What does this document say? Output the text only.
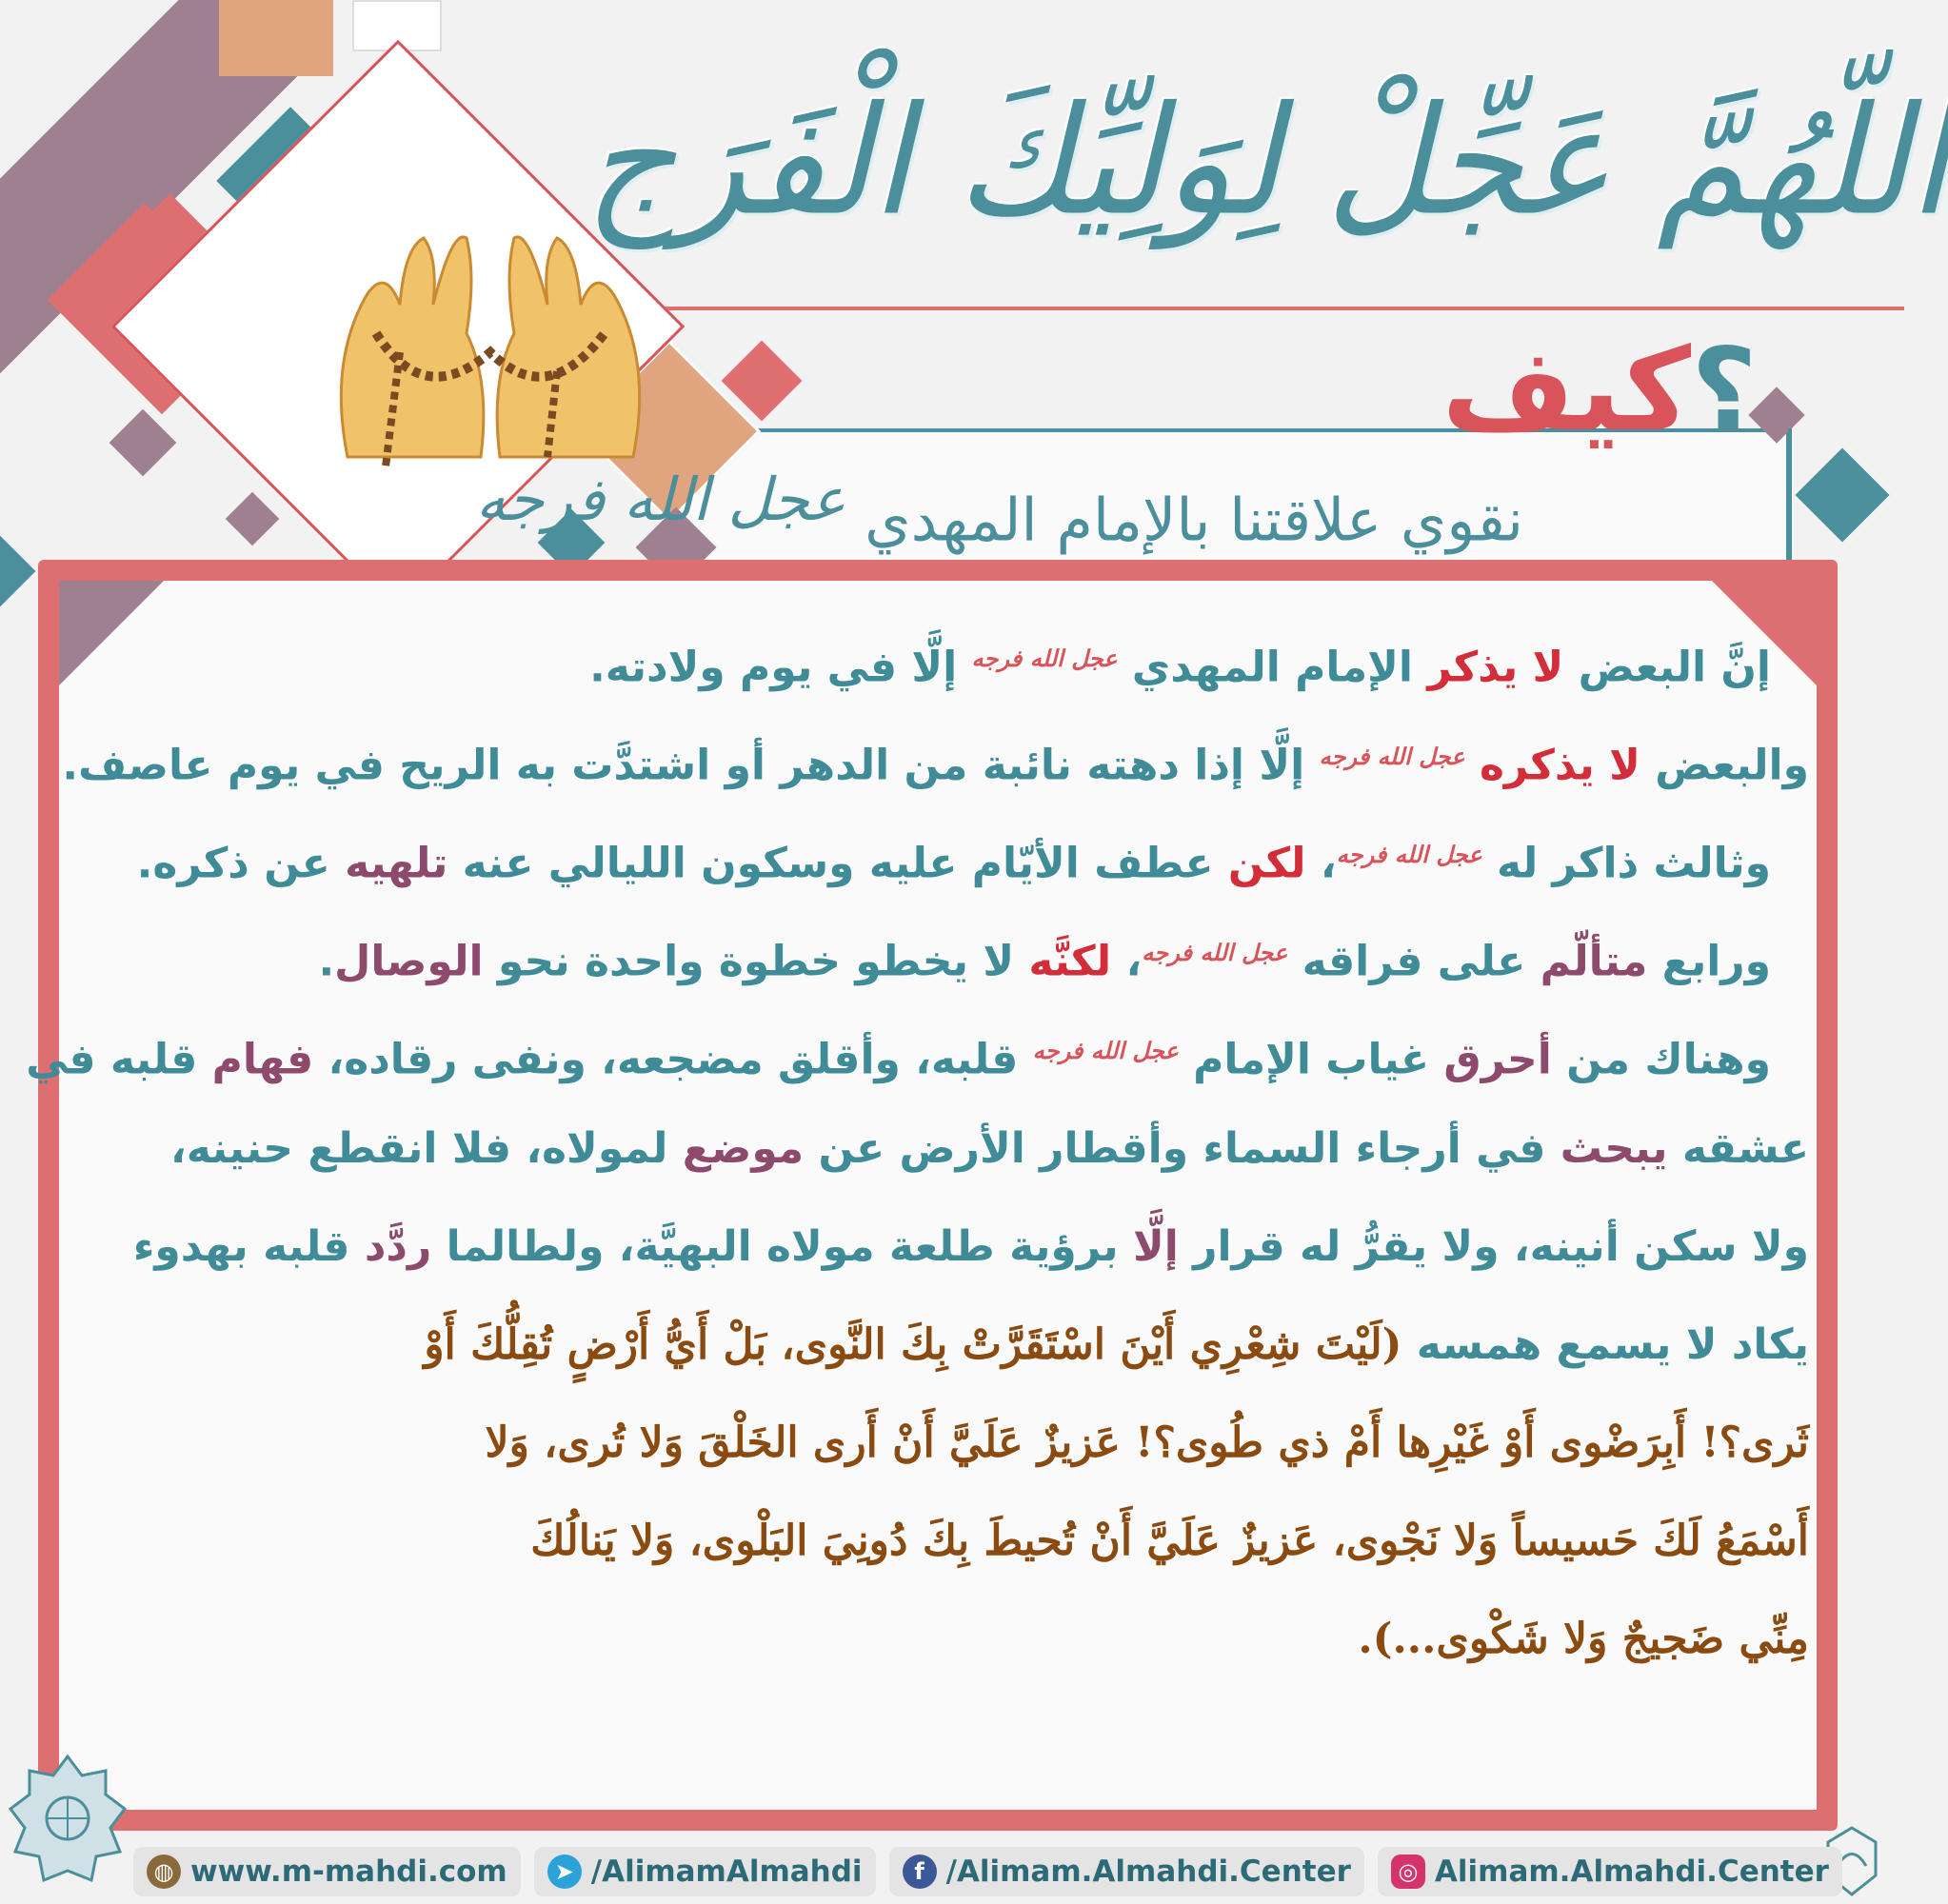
اللّهُمَّ عَجِّلْ لِوَلِيِّكَ الْفَرَج
كيف ؟
نقوي علاقتنا بالإمام المهدي عجل الله فرجه
إنَّ البعض لا يذكر الإمام المهدي $^{عجل الله فرجه}$ إلَّا في يوم ولادته.
والبعض لا يذكره $^{عجل الله فرجه}$ إلَّا إذا دهته نائبة من الدهر أو اشتدَّت به الريح في يوم عاصف.
وثالث ذاكر له $^{عجل الله فرجه}$، لكن عطف الأيّام عليه وسكون الليالي عنه تلهيه عن ذكره.
ورابع متألّم على فراقه $^{عجل الله فرجه}$، لكنَّه لا يخطو خطوة واحدة نحو الوصال.
وهناك من أحرق غياب الإمام $^{عجل الله فرجه}$ قلبه، وأقلق مضجعه، ونفى رقاده، فهام قلبه في
عشقه يبحث في أرجاء السماء وأقطار الأرض عن موضع لمولاه، فلا انقطع حنينه،
ولا سكن أنينه، ولا يقرُّ له قرار إلَّا برؤية طلعة مولاه البهيَّة، ولطالما ردَّد قلبه بهدوء
يكاد لا يسمع همسه (لَيْتَ شِعْرِي أَيْنَ اسْتَقَرَّتْ بِكَ النَّوى، بَلْ أَيُّ أَرْضٍ تُقِلُّكَ أَوْ
ثَرى؟! أَبِرَضْوى أَوْ غَيْرِها أَمْ ذي طُوى؟! عَزيزٌ عَلَيَّ أَنْ أَرى الخَلْقَ وَلا تُرى، وَلا
أَسْمَعُ لَكَ حَسيساً وَلا نَجْوى، عَزيزٌ عَلَيَّ أَنْ تُحيطَ بِكَ دُونِيَ البَلْوى، وَلا يَنالُكَ
مِنِّي ضَجيجٌ وَلا شَكْوى...).
◍ www.m-mahdi.com	➤ /AlimamAlmahdi	f /Alimam.Almahdi.Center	◎ Alimam.Almahdi.Center
